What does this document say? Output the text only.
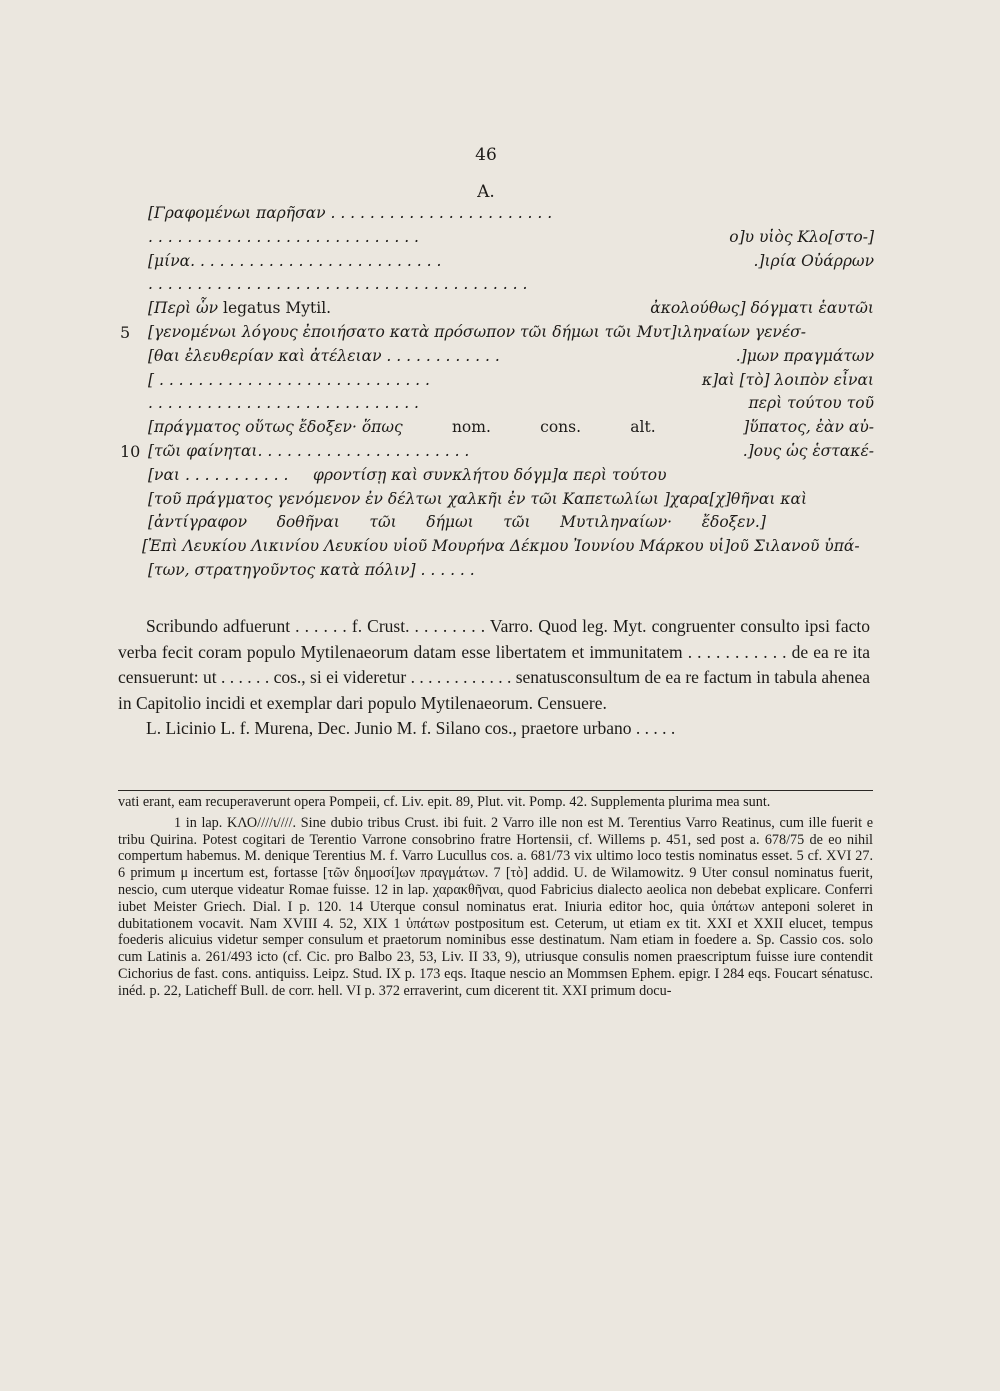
46
A.
[Γραφομένωι παρῆσαν . . . . . . . . . . . . . . . . . . . . . . .
. . . . . . . . . . . . . . . . . . . . . . . . . . . .	ο]υ υἱὸς Κλο[στο-]
[μίνα. . . . . . . . . . . . . . . . . . . . . . . . . .	.]ιρία Οὐάρρων
. . . . . . . . . . . . . . . . . . . . . . . . . . . . . . . . . . . . . . .
[Περὶ ὧν legatus Mytil.	ἀκολούθως] δόγματι ἑαυτῶι
5 [γενομένωι λόγους ἐποιήσατο κατὰ πρόσωπον τῶι δήμωι τῶι Μυτ]ιληναίων γενέσ-
[θαι ἐλευθερίαν καὶ ἀτέλειαν . . . . . . . . . . . .	.]μων πραγμάτων
[ . . . . . . . . . . . . . . . . . . . . . . . . . . . .	κ]αὶ [τὸ] λοιπὸν εἶναι
. . . . . . . . . . . . . . . . . . . . . . . . . . . .	περὶ τούτου τοῦ
[πράγματος οὕτως ἔδοξεν· ὅπως          nom.          cons.          alt.	]ὕπατος, ἐὰν αὐ-
10 [τῶι φαίνηται. . . . . . . . . . . . . . . . . . . . . .	.]ους ὡς ἑστακέ-
[ναι . . . . . . . . . . .     φροντίσῃ καὶ συνκλήτου δόγμ]α περὶ τούτου
[τοῦ πράγματος γενόμενον ἐν δέλτωι χαλκῆι ἐν τῶι Καπετωλίωι ]χαρα[χ]θῆναι καὶ
[ἀντίγραφον      δοθῆναι      τῶι      δήμωι      τῶι      Μυτιληναίων·      ἔδοξεν.]
[Ἐπὶ Λευκίου Λικινίου Λευκίου υἱοῦ Μουρήνα Δέκμου Ἰουνίου Μάρκου υἱ]οῦ Σιλανοῦ ὑπά-
[των, στρατηγοῦντος κατὰ πόλιν] . . . . . .

Scribundo adfuerunt . . . . . . f. Crust. . . . . . . . . Varro. Quod leg. Myt. congruenter consulto ipsi facto verba fecit coram populo Mytilenaeorum datam esse libertatem et immunitatem . . . . . . . . . . . de ea re ita censuerunt: ut . . . . . . cos., si ei videretur . . . . . . . . . . . . senatusconsultum de ea re factum in tabula ahenea in Capitolio incidi et exemplar dari populo Mytilenaeorum. Censuere.

L. Licinio L. f. Murena, Dec. Junio M. f. Silano cos., praetore urbano . . . . .

vati erant, eam recuperaverunt opera Pompeii, cf. Liv. epit. 89, Plut. vit. Pomp. 42. Supplementa plurima mea sunt.

1 in lap. ΚΛΟ////ι////. Sine dubio tribus Crust. ibi fuit. 2 Varro ille non est M. Terentius Varro Reatinus, cum ille fuerit e tribu Quirina. Potest cogitari de Terentio Varrone consobrino fratre Hortensii, cf. Willems p. 451, sed post a. 678/75 de eo nihil compertum habemus. M. denique Terentius M. f. Varro Lucullus cos. a. 681/73 vix ultimo loco testis nominatus esset. 5 cf. XVI 27. 6 primum μ incertum est, fortasse [τῶν δημοσί]ων πραγμάτων. 7 [τὸ] addid. U. de Wilamowitz. 9 Uter consul nominatus fuerit, nescio, cum uterque videatur Romae fuisse. 12 in lap. χαρακθῆναι, quod Fabricius dialecto aeolica non debebat explicare. Conferri iubet Meister Griech. Dial. I p. 120. 14 Uterque consul nominatus erat. Iniuria editor hoc, quia ὑπάτων anteponi soleret in dubitationem vocavit. Nam XVIII 4. 52, XIX 1 ὑπάτων postpositum est. Ceterum, ut etiam ex tit. XXI et XXII elucet, tempus foederis alicuius videtur semper consulum et praetorum nominibus esse destinatum. Nam etiam in foedere a. Sp. Cassio cos. solo cum Latinis a. 261/493 icto (cf. Cic. pro Balbo 23, 53, Liv. II 33, 9), utriusque consulis nomen praescriptum fuisse iure contendit Cichorius de fast. cons. antiquiss. Leipz. Stud. IX p. 173 eqs. Itaque nescio an Mommsen Ephem. epigr. I 284 eqs. Foucart sénatusc. inéd. p. 22, Laticheff Bull. de corr. hell. VI p. 372 erraverint, cum dicerent tit. XXI primum docu-
